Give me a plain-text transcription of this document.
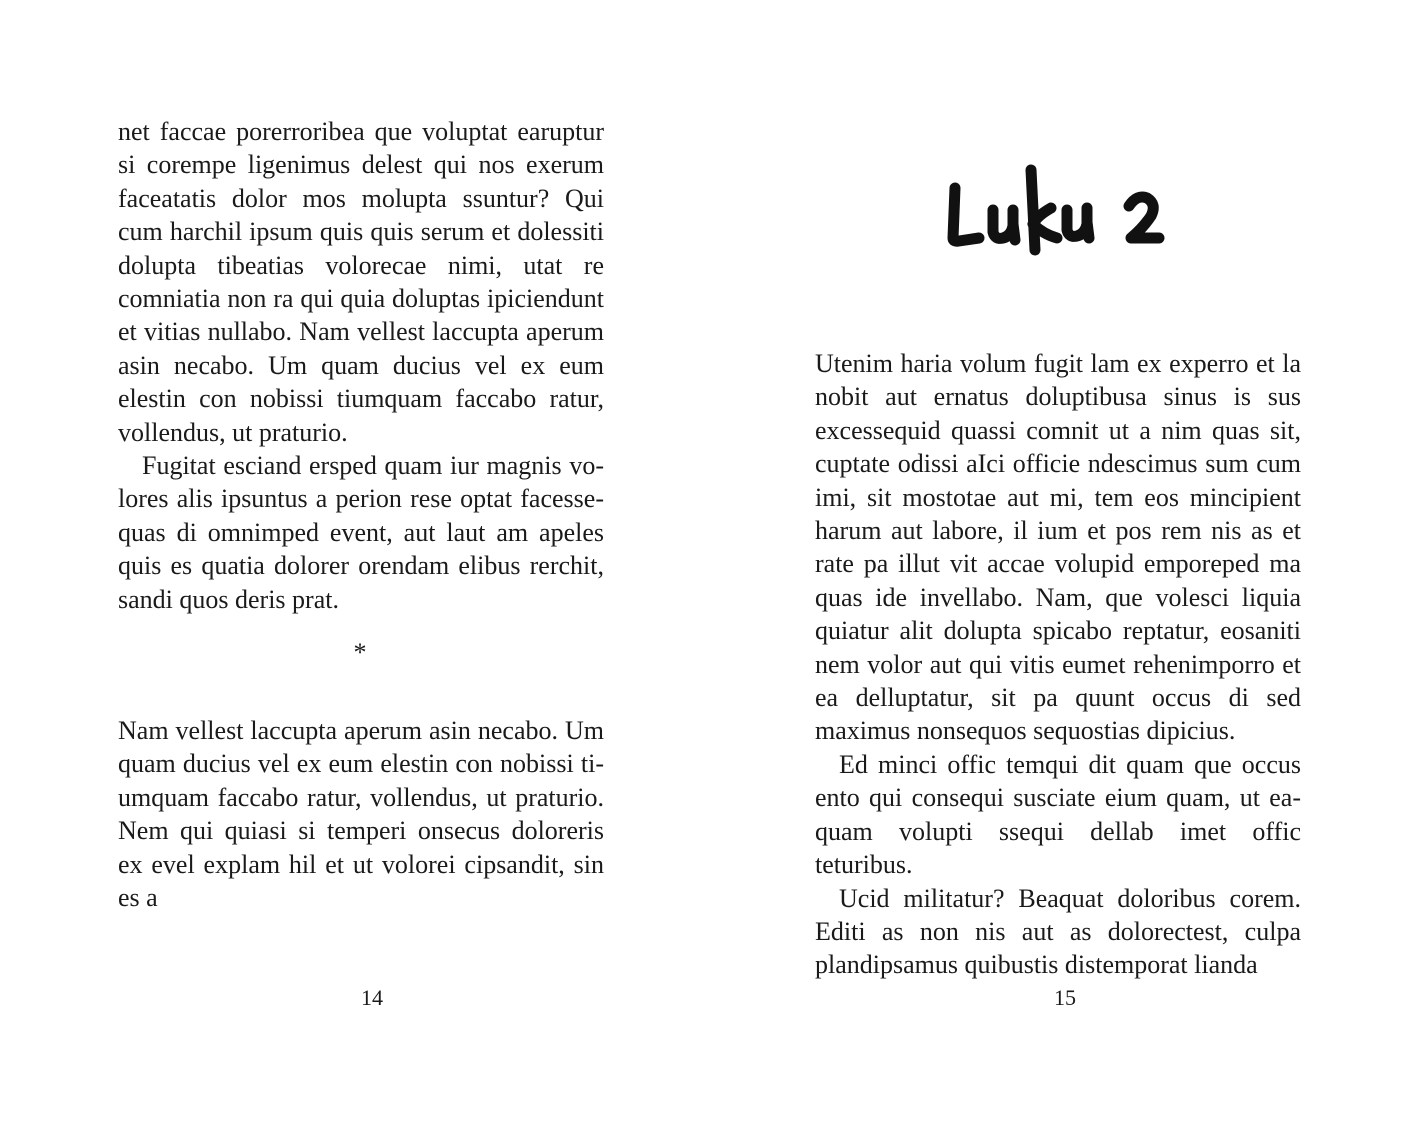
net faccae porerroribea que voluptat earuptur si corempe ligenimus delest qui nos exerum faceatatis dolor mos molupta ssuntur? Qui cum harchil ipsum quis quis serum et dolessiti dolupta tibeatias volorecae nimi, utat re comniatia non ra qui quia doluptas ipiciendunt et vitias nullabo. Nam vellest laccupta aperum asin necabo. Um quam ducius vel ex eum elestin con nobissi tiumquam faccabo ratur, vollendus, ut praturio.

Fugitat esciand ersped quam iur magnis volores alis ipsuntus a perion rese optat facessequas di omnimped event, aut laut am apeles quis es quatia dolorer orendam elibus rerchit, sandi quos deris prat.

*

Nam vellest laccupta aperum asin necabo. Um quam ducius vel ex eum elestin con nobissi tiumquam faccabo ratur, vollendus, ut praturio. Nem qui quiasi si temperi onsecus doloreris ex evel explam hil et ut volorei cipsandit, sin es a

14

Utenim haria volum fugit lam ex experro et la nobit aut ernatus doluptibusa sinus is sus excessequid quassi comnit ut a nim quas sit, cuptate odissi aIci officie ndescimus sum cum imi, sit mostotae aut mi, tem eos mincipient harum aut labore, il ium et pos rem nis as et rate pa illut vit accae volupid emporeped ma quas ide invellabo. Nam, que volesci liquia quiatur alit dolupta spicabo reptatur, eosaniti nem volor aut qui vitis eumet rehenimporro et ea delluptatur, sit pa quunt occus di sed maximus nonsequos sequostias dipicius.

Ed minci offic temqui dit quam que occus ento qui consequi susciate eium quam, ut eaquam volupti ssequi dellab imet offic teturibus.

Ucid militatur? Beaquat doloribus corem. Editi as non nis aut as dolorectest, culpa plandipsamus quibustis distemporat lianda

15
